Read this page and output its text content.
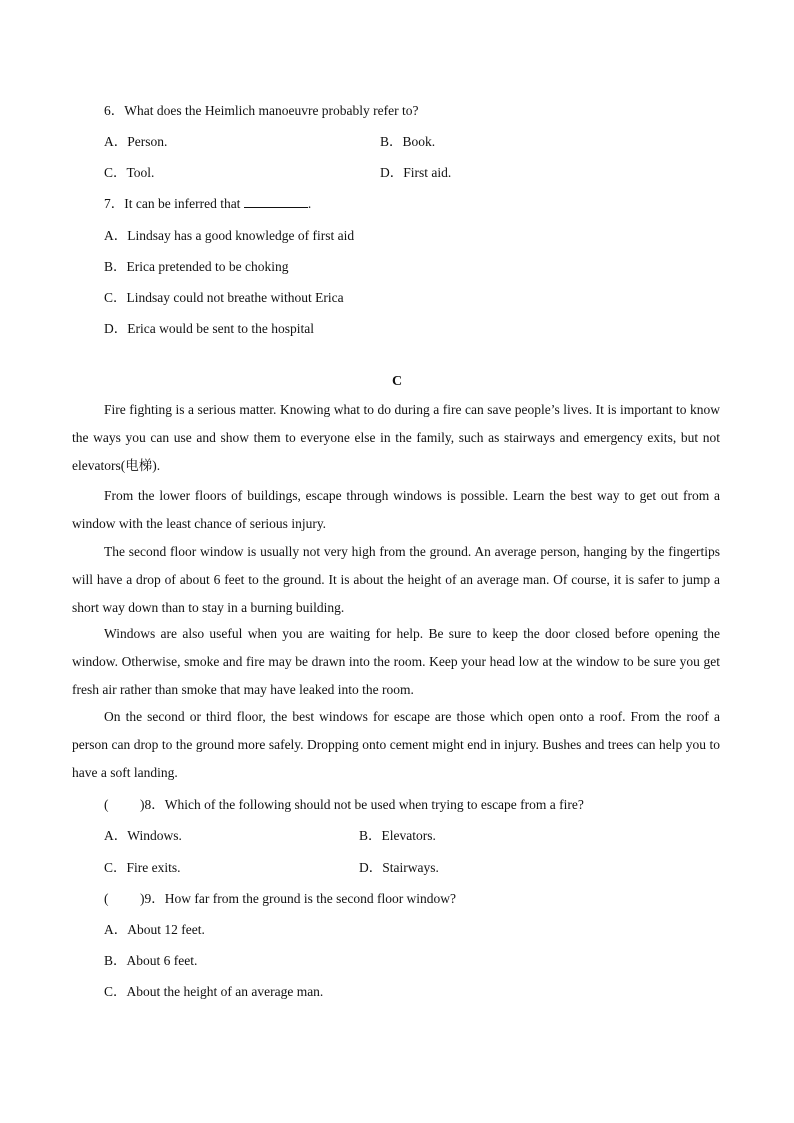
6．What does the Heimlich manoeuvre probably refer to?
A．Person.	B．Book.
C．Tool.	D．First aid.
7．It can be inferred that	.
A．Lindsay has a good knowledge of first aid
B．Erica pretended to be choking
C．Lindsay could not breathe without Erica
D．Erica would be sent to the hospital
C
Fire fighting is a serious matter. Knowing what to do during a fire can save people’s lives. It is important to know the ways you can use and show them to everyone else in the family, such as stairways and emergency exits, but not elevators(电梯).
From the lower floors of buildings, escape through windows is possible. Learn the best way to get out from a window with the least chance of serious injury.
The second floor window is usually not very high from the ground. An average person, hanging by the fingertips will have a drop of about 6 feet to the ground. It is about the height of an average man. Of course, it is safer to jump a short way down than to stay in a burning building.
Windows are also useful when you are waiting for help. Be sure to keep the door closed before opening the window. Otherwise, smoke and fire may be drawn into the room. Keep your head low at the window to be sure you get fresh air rather than smoke that may have leaked into the room.
On the second or third floor, the best windows for escape are those which open onto a roof. From the roof a person can drop to the ground more safely. Dropping onto cement might end in injury. Bushes and trees can help you to have a soft landing.
( )8．Which of the following should not be used when trying to escape from a fire?
A．Windows.	B．Elevators.
C．Fire exits.	D．Stairways.
( )9．How far from the ground is the second floor window?
A．About 12 feet.
B．About 6 feet.
C．About the height of an average man.
